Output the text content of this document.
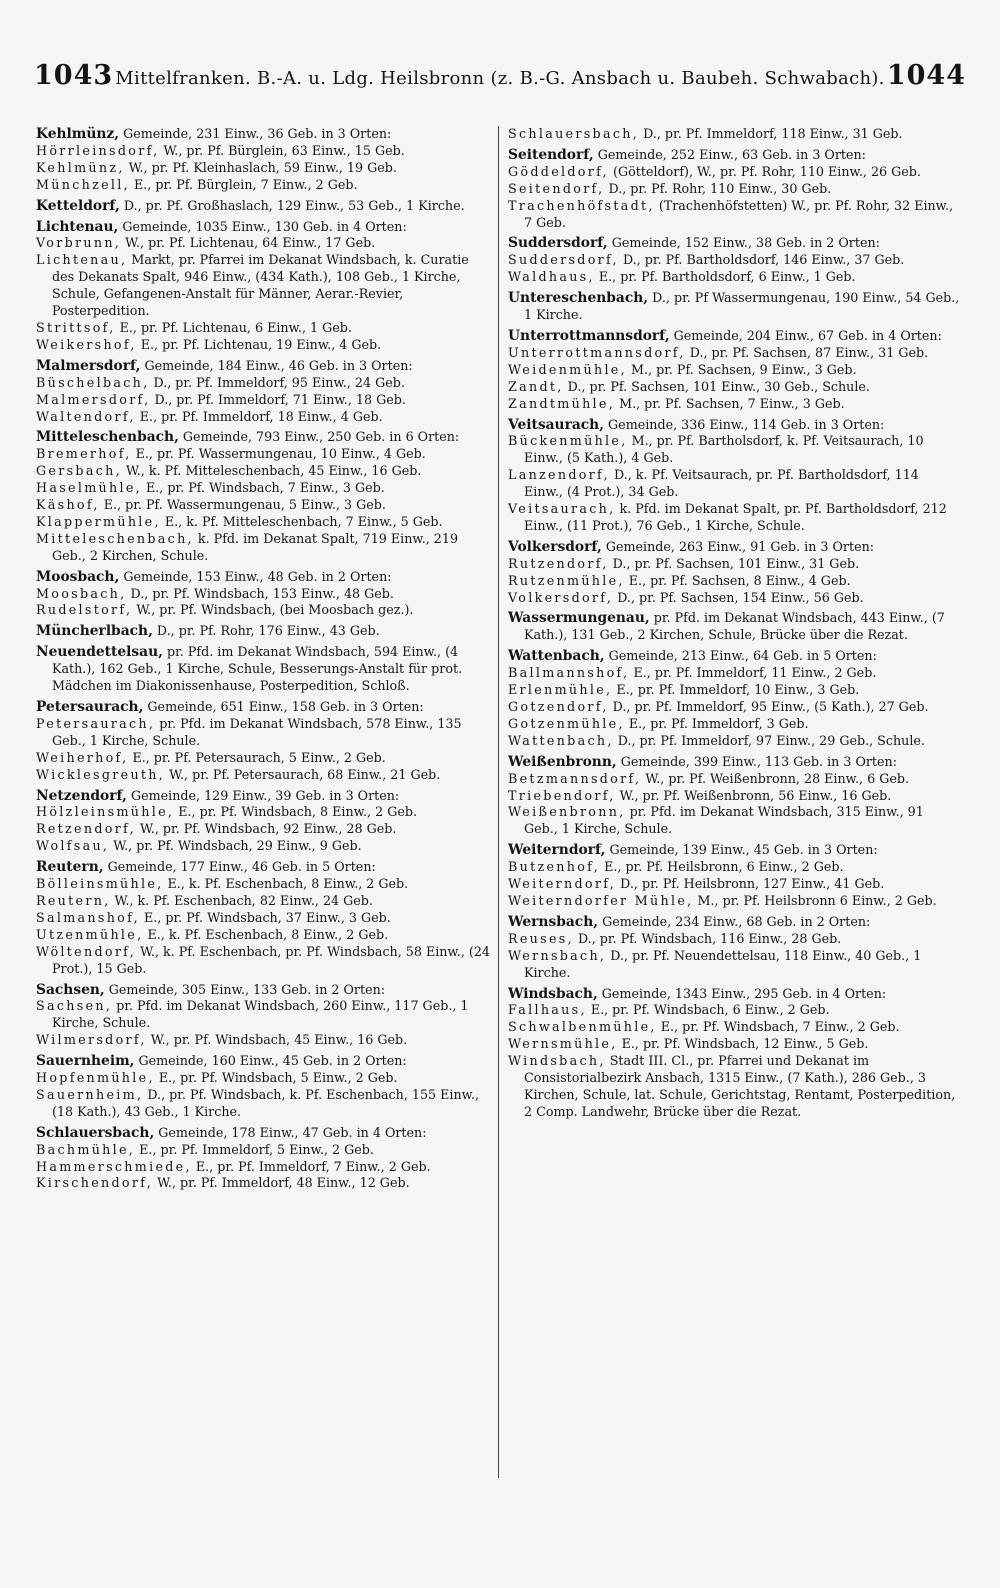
1043 Mittelfranken. B.-A. u. Ldg. Heilsbronn (z. B.-G. Ansbach u. Baubeh. Schwabach). 1044
Kehlmünz, Gemeinde, 231 Einw., 36 Geb. in 3 Orten:
Hörrleinsdorf, W., pr. Pf. Bürglein, 63 Einw., 15 Geb.
Kehlmünz, W., pr. Pf. Kleinhaslach, 59 Einw., 19 Geb.
Münchzell, E., pr. Pf. Bürglein, 7 Einw., 2 Geb.
Ketteldorf, D., pr. Pf. Großhaslach, 129 Einw., 53 Geb., 1 Kirche.
Lichtenau, Gemeinde, 1035 Einw., 130 Geb. in 4 Orten:
Vorbrunn, W., pr. Pf. Lichtenau, 64 Einw., 17 Geb.
Lichtenau, Markt, pr. Pfarrei im Dekanat Windsbach, k. Curatie des Dekanats Spalt, 946 Einw., (434 Kath.), 108 Geb., 1 Kirche, Schule, Gefangenen-Anstalt für Männer, Aerar.-Revier, Posterpedition.
Strittsof, E., pr. Pf. Lichtenau, 6 Einw., 1 Geb.
Weikershof, E., pr. Pf. Lichtenau, 19 Einw., 4 Geb.
Malmersdorf, Gemeinde, 184 Einw., 46 Geb. in 3 Orten:
Büschelbach, D., pr. Pf. Immeldorf, 95 Einw., 24 Geb.
Malmersdorf, D., pr. Pf. Immeldorf, 71 Einw., 18 Geb.
Waltendorf, E., pr. Pf. Immeldorf, 18 Einw., 4 Geb.
Mitteleschenbach, Gemeinde, 793 Einw., 250 Geb. in 6 Orten:
Bremerhof, E., pr. Pf. Wassermungenau, 10 Einw., 4 Geb.
Gersbach, W., k. Pf. Mitteleschenbach, 45 Einw., 16 Geb.
Haselmühle, E., pr. Pf. Windsbach, 7 Einw., 3 Geb.
Käshof, E., pr. Pf. Wassermungenau, 5 Einw., 3 Geb.
Klappermühle, E., k. Pf. Mitteleschenbach, 7 Einw., 5 Geb.
Mitteleschenbach, k. Pfd. im Dekanat Spalt, 719 Einw., 219 Geb., 2 Kirchen, Schule.
Moosbach, Gemeinde, 153 Einw., 48 Geb. in 2 Orten:
Moosbach, D., pr. Pf. Windsbach, 153 Einw., 48 Geb.
Rudelstorf, W., pr. Pf. Windsbach, (bei Moosbach gez.).
Müncherlbach, D., pr. Pf. Rohr, 176 Einw., 43 Geb.
Neuendettelsau, pr. Pfd. im Dekanat Windsbach, 594 Einw., (4 Kath.), 162 Geb., 1 Kirche, Schule, Besserungs-Anstalt für prot. Mädchen im Diakonissenhause, Posterpedition, Schloß.
Petersaurach, Gemeinde, 651 Einw., 158 Geb. in 3 Orten:
Petersaurach, pr. Pfd. im Dekanat Windsbach, 578 Einw., 135 Geb., 1 Kirche, Schule.
Weiherhof, E., pr. Pf. Petersaurach, 5 Einw., 2 Geb.
Wicklesgreuth, W., pr. Pf. Petersaurach, 68 Einw., 21 Geb.
Netzendorf, Gemeinde, 129 Einw., 39 Geb. in 3 Orten:
Hölzleinsmühle, E., pr. Pf. Windsbach, 8 Einw., 2 Geb.
Retzendorf, W., pr. Pf. Windsbach, 92 Einw., 28 Geb.
Wolfsau, W., pr. Pf. Windsbach, 29 Einw., 9 Geb.
Reutern, Gemeinde, 177 Einw., 46 Geb. in 5 Orten:
Bölleinsmühle, E., k. Pf. Eschenbach, 8 Einw., 2 Geb.
Reutern, W., k. Pf. Eschenbach, 82 Einw., 24 Geb.
Salmanshof, E., pr. Pf. Windsbach, 37 Einw., 3 Geb.
Utzenmühle, E., k. Pf. Eschenbach, 8 Einw., 2 Geb.
Wöltendorf, W., k. Pf. Eschenbach, pr. Pf. Windsbach, 58 Einw., (24 Prot.), 15 Geb.
Sachsen, Gemeinde, 305 Einw., 133 Geb. in 2 Orten:
Sachsen, pr. Pfd. im Dekanat Windsbach, 260 Einw., 117 Geb., 1 Kirche, Schule.
Wilmersdorf, W., pr. Pf. Windsbach, 45 Einw., 16 Geb.
Sauernheim, Gemeinde, 160 Einw., 45 Geb. in 2 Orten:
Hopfenmühle, E., pr. Pf. Windsbach, 5 Einw., 2 Geb.
Sauernheim, D., pr. Pf. Windsbach, k. Pf. Eschenbach, 155 Einw., (18 Kath.), 43 Geb., 1 Kirche.
Schlauersbach, Gemeinde, 178 Einw., 47 Geb. in 4 Orten:
Bachmühle, E., pr. Pf. Immeldorf, 5 Einw., 2 Geb.
Hammerschmiede, E., pr. Pf. Immeldorf, 7 Einw., 2 Geb.
Kirschendorf, W., pr. Pf. Immeldorf, 48 Einw., 12 Geb.
Schlauersbach, D., pr. Pf. Immeldorf, 118 Einw., 31 Geb.
Seitendorf, Gemeinde, 252 Einw., 63 Geb. in 3 Orten:
Göddeldorf, (Götteldorf), W., pr. Pf. Rohr, 110 Einw., 26 Geb.
Seitendorf, D., pr. Pf. Rohr, 110 Einw., 30 Geb.
Trachenhöfstadt, (Trachenhöfstetten) W., pr. Pf. Rohr, 32 Einw., 7 Geb.
Suddersdorf, Gemeinde, 152 Einw., 38 Geb. in 2 Orten:
Suddersdorf, D., pr. Pf. Bartholdsdorf, 146 Einw., 37 Geb.
Waldhaus, E., pr. Pf. Bartholdsdorf, 6 Einw., 1 Geb.
Untereschenbach, D., pr. Pf Wassermungenau, 190 Einw., 54 Geb., 1 Kirche.
Unterrottmannsdorf, Gemeinde, 204 Einw., 67 Geb. in 4 Orten:
Unterrottmannsdorf, D., pr. Pf. Sachsen, 87 Einw., 31 Geb.
Weidenmühle, M., pr. Pf. Sachsen, 9 Einw., 3 Geb.
Zandt, D., pr. Pf. Sachsen, 101 Einw., 30 Geb., Schule.
Zandtmühle, M., pr. Pf. Sachsen, 7 Einw., 3 Geb.
Veitsaurach, Gemeinde, 336 Einw., 114 Geb. in 3 Orten:
Bückenmühle, M., pr. Pf. Bartholsdorf, k. Pf. Veitsaurach, 10 Einw., (5 Kath.), 4 Geb.
Lanzendorf, D., k. Pf. Veitsaurach, pr. Pf. Bartholdsdorf, 114 Einw., (4 Prot.), 34 Geb.
Veitsaurach, k. Pfd. im Dekanat Spalt, pr. Pf. Bartholdsdorf, 212 Einw., (11 Prot.), 76 Geb., 1 Kirche, Schule.
Volkersdorf, Gemeinde, 263 Einw., 91 Geb. in 3 Orten:
Rutzendorf, D., pr. Pf. Sachsen, 101 Einw., 31 Geb.
Rutzenmühle, E., pr. Pf. Sachsen, 8 Einw., 4 Geb.
Volkersdorf, D., pr. Pf. Sachsen, 154 Einw., 56 Geb.
Wassermungenau, pr. Pfd. im Dekanat Windsbach, 443 Einw., (7 Kath.), 131 Geb., 2 Kirchen, Schule, Brücke über die Rezat.
Wattenbach, Gemeinde, 213 Einw., 64 Geb. in 5 Orten:
Ballmannshof, E., pr. Pf. Immeldorf, 11 Einw., 2 Geb.
Erlenmühle, E., pr. Pf. Immeldorf, 10 Einw., 3 Geb.
Gotzendorf, D., pr. Pf. Immeldorf, 95 Einw., (5 Kath.), 27 Geb.
Gotzenmühle, E., pr. Pf. Immeldorf, 3 Geb.
Wattenbach, D., pr. Pf. Immeldorf, 97 Einw., 29 Geb., Schule.
Weißenbronn, Gemeinde, 399 Einw., 113 Geb. in 3 Orten:
Betzmannsdorf, W., pr. Pf. Weißenbronn, 28 Einw., 6 Geb.
Triebendorf, W., pr. Pf. Weißenbronn, 56 Einw., 16 Geb.
Weißenbronn, pr. Pfd. im Dekanat Windsbach, 315 Einw., 91 Geb., 1 Kirche, Schule.
Weiterndorf, Gemeinde, 139 Einw., 45 Geb. in 3 Orten:
Butzenhof, E., pr. Pf. Heilsbronn, 6 Einw., 2 Geb.
Weiterndorf, D., pr. Pf. Heilsbronn, 127 Einw., 41 Geb.
Weiterndorfer Mühle, M., pr. Pf. Heilsbronn 6 Einw., 2 Geb.
Wernsbach, Gemeinde, 234 Einw., 68 Geb. in 2 Orten:
Reuses, D., pr. Pf. Windsbach, 116 Einw., 28 Geb.
Wernsbach, D., pr. Pf. Neuendettelsau, 118 Einw., 40 Geb., 1 Kirche.
Windsbach, Gemeinde, 1343 Einw., 295 Geb. in 4 Orten:
Fallhaus, E., pr. Pf. Windsbach, 6 Einw., 2 Geb.
Schwalbenmühle, E., pr. Pf. Windsbach, 7 Einw., 2 Geb.
Wernsmühle, E., pr. Pf. Windsbach, 12 Einw., 5 Geb.
Windsbach, Stadt III. Cl., pr. Pfarrei und Dekanat im Consistorialbezirk Ansbach, 1315 Einw., (7 Kath.), 286 Geb., 3 Kirchen, Schule, lat. Schule, Gerichtstag, Rentamt, Posterpedition, 2 Comp. Landwehr, Brücke über die Rezat.
